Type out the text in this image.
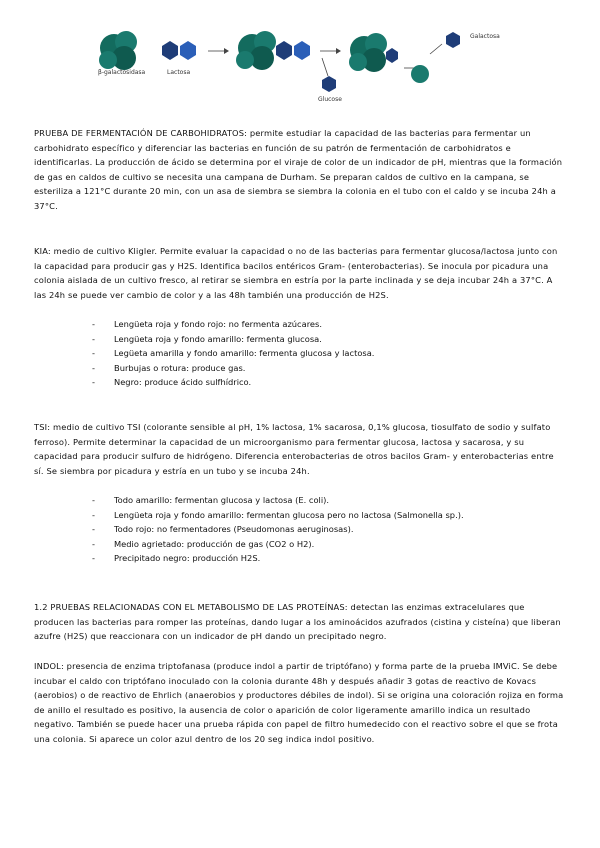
β-galactosidasa	Lactosa
Glucose
Galactosa

PRUEBA DE FERMENTACIÓN DE CARBOHIDRATOS: permite estudiar la capacidad de las bacterias para fermentar un carbohidrato específico y diferenciar las bacterias en función de su patrón de fermentación de carbohidratos e identificarlas. La producción de ácido se determina por el viraje de color de un indicador de pH, mientras que la formación de gas en caldos de cultivo se necesita una campana de Durham. Se preparan caldos de cultivo en la campana, se esteriliza a 121°C durante 20 min, con un asa de siembra se siembra la colonia en el tubo con el caldo y se incuba 24h a 37°C.

KIA: medio de cultivo Kligler. Permite evaluar la capacidad o no de las bacterias para fermentar glucosa/lactosa junto con la capacidad para producir gas y H2S. Identifica bacilos entéricos Gram- (enterobacterias). Se inocula por picadura una colonia aislada de un cultivo fresco, al retirar se siembra en estría por la parte inclinada y se deja incubar 24h a 37°C. A las 24h se puede ver cambio de color y a las 48h también una producción de H2S.

- Lengüeta roja y fondo rojo: no fermenta azúcares.
- Lengüeta roja y fondo amarillo: fermenta glucosa.
- Legüeta amarilla y fondo amarillo: fermenta glucosa y lactosa.
- Burbujas o rotura: produce gas.
- Negro: produce ácido sulfhídrico.

TSI: medio de cultivo TSI (colorante sensible al pH, 1% lactosa, 1% sacarosa, 0,1% glucosa, tiosulfato de sodio y sulfato ferroso). Permite determinar la capacidad de un microorganismo para fermentar glucosa, lactosa y sacarosa, y su capacidad para producir sulfuro de hidrógeno. Diferencia enterobacterias de otros bacilos Gram- y enterobacterias entre sí. Se siembra por picadura y estría en un tubo y se incuba 24h.

- Todo amarillo: fermentan glucosa y lactosa (E. coli).
- Lengüeta roja y fondo amarillo: fermentan glucosa pero no lactosa (Salmonella sp.).
- Todo rojo: no fermentadores (Pseudomonas aeruginosas).
- Medio agrietado: producción de gas (CO2 o H2).
- Precipitado negro: producción H2S.

1.2 PRUEBAS RELACIONADAS CON EL METABOLISMO DE LAS PROTEÍNAS: detectan las enzimas extracelulares que producen las bacterias para romper las proteínas, dando lugar a los aminoácidos azufrados (cistina y cisteína) que liberan azufre (H2S) que reaccionara con un indicador de pH dando un precipitado negro.

INDOL: presencia de enzima triptofanasa (produce indol a partir de triptófano) y forma parte de la prueba IMViC. Se debe incubar el caldo con triptófano inoculado con la colonia durante 48h y después añadir 3 gotas de reactivo de Kovacs (aerobios) o de reactivo de Ehrlich (anaerobios y productores débiles de indol). Si se origina una coloración rojiza en forma de anillo el resultado es positivo, la ausencia de color o aparición de color ligeramente amarillo indica un resultado negativo. También se puede hacer una prueba rápida con papel de filtro humedecido con el reactivo sobre el que se frota una colonia. Si aparece un color azul dentro de los 20 seg indica indol positivo.
